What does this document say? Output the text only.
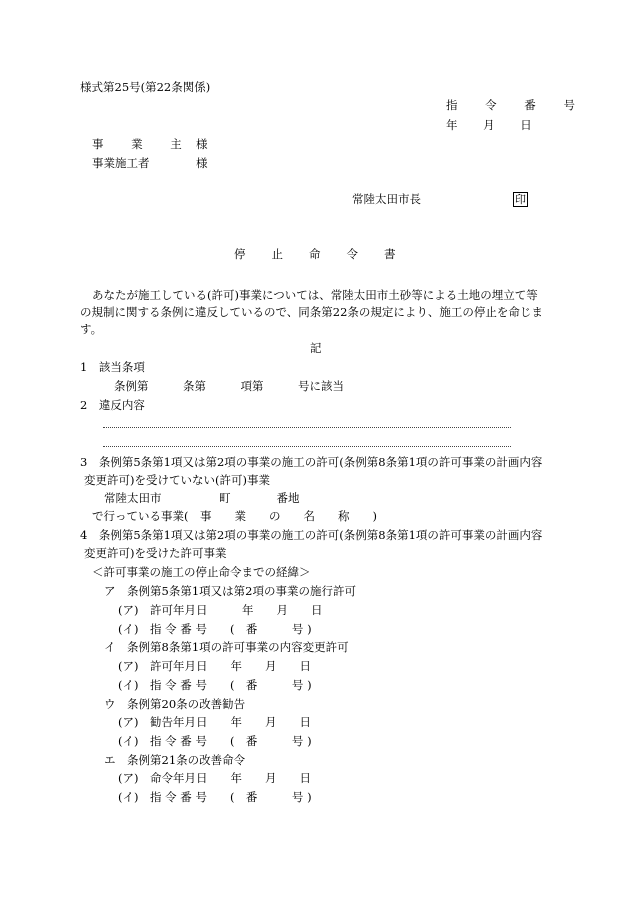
様式第25号(第22条関係)
指 令 番 号
年 月 日
事 業 主 様
事業施工者	様
常陸太田市長	印
停止命令書
あなたが施工している(許可)事業については、常陸太田市土砂等による土地の埋立て等
の規制に関する条例に違反しているので、同条第22条の規定により、施工の停止を命じま
す。
記
1　該当条項
条例第　　　条第　　　項第　　　号に該当
2　違反内容
3　条例第5条第1項又は第2項の事業の施工の許可(条例第8条第1項の許可事業の計画内容
変更許可)を受けていない(許可)事業
常陸太田市　　　　　町　　　　番地
で行っている事業(　事　　業　　の　　名　　称　　)
4　条例第5条第1項又は第2項の事業の施工の許可(条例第8条第1項の許可事業の計画内容
変更許可)を受けた許可事業
＜許可事業の施工の停止命令までの経緯＞
ア　条例第5条第1項又は第2項の事業の施行許可
(ア)　許可年月日　　　年　　月　　日
(イ)　指 令 番 号　　(　番　　　号 )
イ　条例第8条第1項の許可事業の内容変更許可
(ア)　許可年月日　　年　　月　　日
(イ)　指 令 番 号　　(　番　　　号 )
ウ　条例第20条の改善勧告
(ア)　勧告年月日　　年　　月　　日
(イ)　指 令 番 号　　(　番　　　号 )
エ　条例第21条の改善命令
(ア)　命令年月日　　年　　月　　日
(イ)　指 令 番 号　　(　番　　　号 )
